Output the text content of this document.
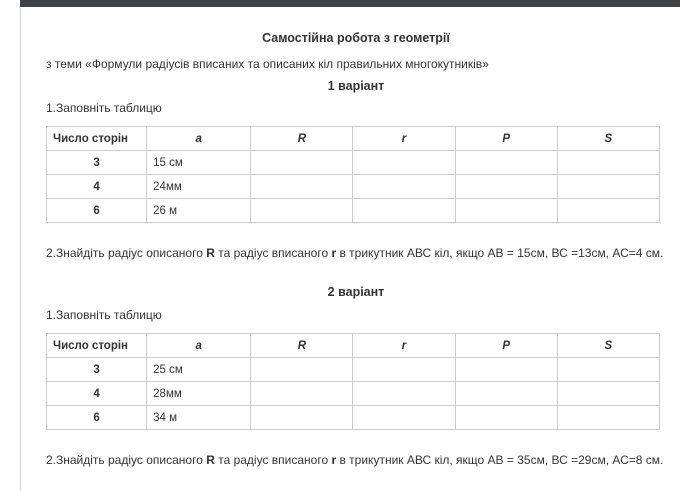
Самостійна робота з геометрії
з теми «Формули радіусів вписаних та описаних кіл правильних многокутників»
1 варіант
1.Заповніть таблицю
Число сторін	a	R	r	P	S
3	15 см				
4	24мм				
6	26 м				
2.Знайдіть радіус описаного R та радіус вписаного r в трикутник АВС кіл, якщо АВ = 15см, ВС =13см, АС=4 см.
2 варіант
1.Заповніть таблицю
Число сторін	a	R	r	P	S
3	25 см				
4	28мм				
6	34 м				
2.Знайдіть радіус описаного R та радіус вписаного r в трикутник АВС кіл, якщо АВ = 35см, ВС =29см, АС=8 см.
